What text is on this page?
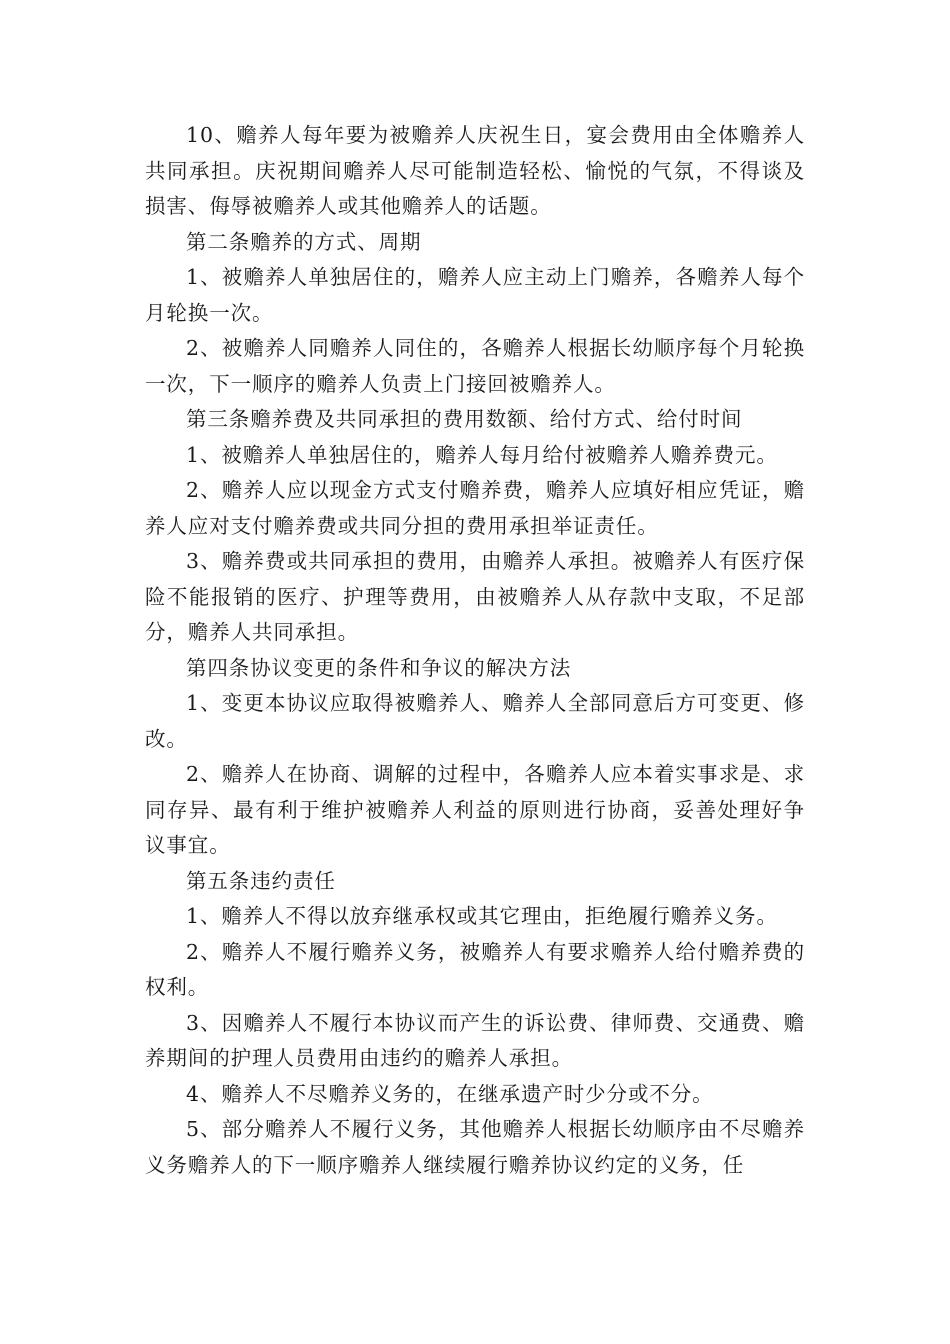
10、赡养人每年要为被赡养人庆祝生日，宴会费用由全体赡养人共同承担。庆祝期间赡养人尽可能制造轻松、愉悦的气氛，不得谈及损害、侮辱被赡养人或其他赡养人的话题。

第二条赡养的方式、周期

1、被赡养人单独居住的，赡养人应主动上门赡养，各赡养人每个月轮换一次。

2、被赡养人同赡养人同住的，各赡养人根据长幼顺序每个月轮换一次，下一顺序的赡养人负责上门接回被赡养人。

第三条赡养费及共同承担的费用数额、给付方式、给付时间

1、被赡养人单独居住的，赡养人每月给付被赡养人赡养费元。

2、赡养人应以现金方式支付赡养费，赡养人应填好相应凭证，赡养人应对支付赡养费或共同分担的费用承担举证责任。

3、赡养费或共同承担的费用，由赡养人承担。被赡养人有医疗保险不能报销的医疗、护理等费用，由被赡养人从存款中支取，不足部分，赡养人共同承担。

第四条协议变更的条件和争议的解决方法

1、变更本协议应取得被赡养人、赡养人全部同意后方可变更、修改。

2、赡养人在协商、调解的过程中，各赡养人应本着实事求是、求同存异、最有利于维护被赡养人利益的原则进行协商，妥善处理好争议事宜。

第五条违约责任

1、赡养人不得以放弃继承权或其它理由，拒绝履行赡养义务。

2、赡养人不履行赡养义务，被赡养人有要求赡养人给付赡养费的权利。

3、因赡养人不履行本协议而产生的诉讼费、律师费、交通费、赡养期间的护理人员费用由违约的赡养人承担。

4、赡养人不尽赡养义务的，在继承遗产时少分或不分。

5、部分赡养人不履行义务，其他赡养人根据长幼顺序由不尽赡养义务赡养人的下一顺序赡养人继续履行赡养协议约定的义务，任
